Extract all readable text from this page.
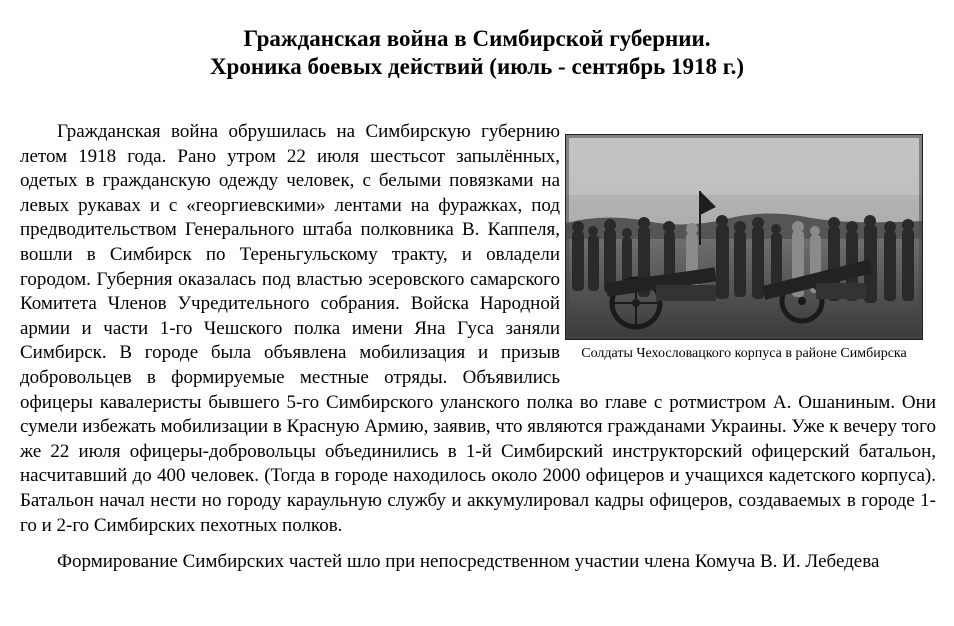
Гражданская война в Симбирской губернии.
Хроника боевых действий (июль - сентябрь 1918 г.)
Солдаты Чехословацкого корпуса в районе Симбирска

Гражданская война обрушилась на Симбирскую губернию летом 1918 года. Рано утром 22 июля шестьсот запылённых, одетых в гражданскую одежду человек, с белыми повязками на левых рукавах и с «георгиевскими» лентами на фуражках, под предводительством Генерального штаба полковника В. Каппеля, вошли в Симбирск по Тереньгульскому тракту, и овладели городом. Губерния оказалась под властью эсеровского самарского Комитета Членов Учредительного собрания. Войска Народной армии и части 1-го Чешского полка имени Яна Гуса заняли Симбирск. В городе была объявлена мобилизация и призыв добровольцев в формируемые местные отряды. Объявились офицеры кавалеристы бывшего 5-го Симбирского уланского полка во главе с ротмистром А. Ошаниным. Они сумели избежать мобилизации в Красную Армию, заявив, что являются гражданами Украины. Уже к вечеру того же 22 июля офицеры-добровольцы объединились в 1-й Симбирский инструкторский офицерский батальон, насчитавший до 400 человек. (Тогда в городе находилось около 2000 офицеров и учащихся кадетского корпуса). Батальон начал нести но городу караульную службу и аккумулировал кадры офицеров, создаваемых в городе 1-го и 2-го Симбирских пехотных полков.

Формирование Симбирских частей шло при непосредственном участии члена Комуча В. И. Лебедева
